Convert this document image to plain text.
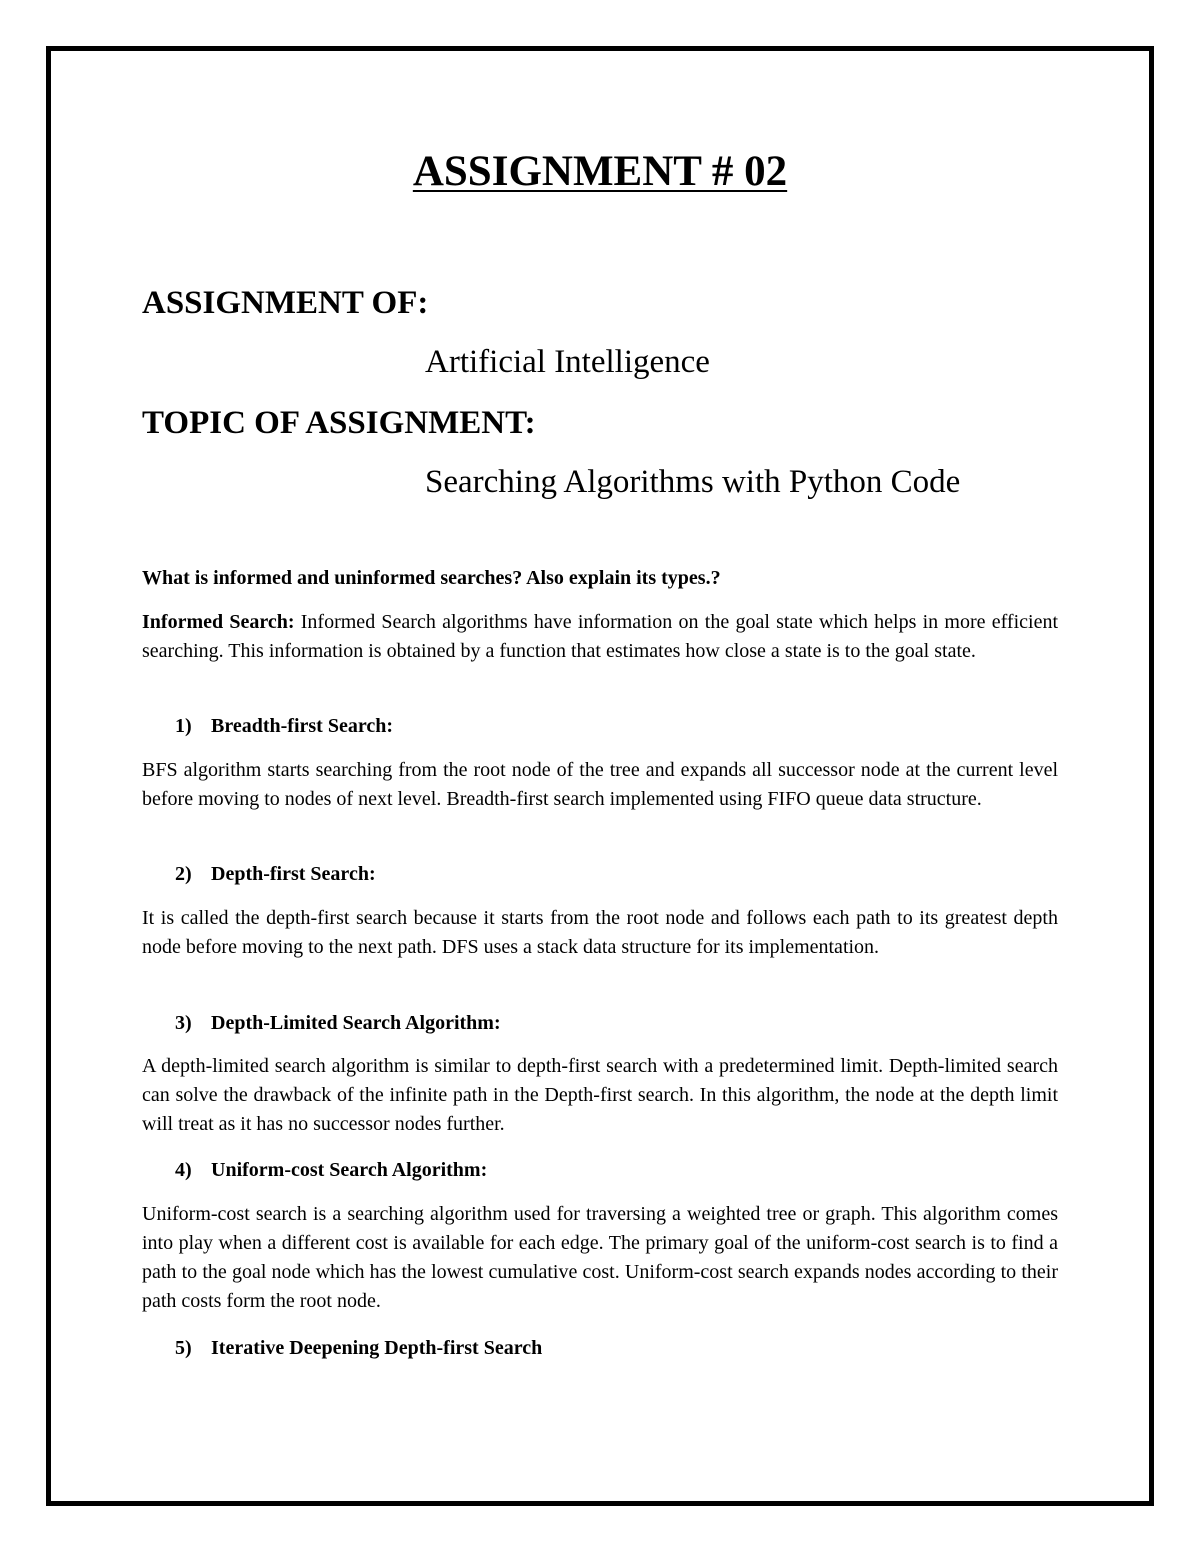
ASSIGNMENT # 02
ASSIGNMENT OF:
Artificial Intelligence
TOPIC OF ASSIGNMENT:
Searching Algorithms with Python Code
What is informed and uninformed searches? Also explain its types.?

Informed Search: Informed Search algorithms have information on the goal state which helps in more efficient searching. This information is obtained by a function that estimates how close a state is to the goal state.

1) Breadth-first Search:

BFS algorithm starts searching from the root node of the tree and expands all successor node at the current level before moving to nodes of next level. Breadth-first search implemented using FIFO queue data structure.

2) Depth-first Search:

It is called the depth-first search because it starts from the root node and follows each path to its greatest depth node before moving to the next path. DFS uses a stack data structure for its implementation.

3) Depth-Limited Search Algorithm:

A depth-limited search algorithm is similar to depth-first search with a predetermined limit. Depth-limited search can solve the drawback of the infinite path in the Depth-first search. In this algorithm, the node at the depth limit will treat as it has no successor nodes further.

4) Uniform-cost Search Algorithm:

Uniform-cost search is a searching algorithm used for traversing a weighted tree or graph. This algorithm comes into play when a different cost is available for each edge. The primary goal of the uniform-cost search is to find a path to the goal node which has the lowest cumulative cost. Uniform-cost search expands nodes according to their path costs form the root node.

5) Iterative Deepening Depth-first Search
